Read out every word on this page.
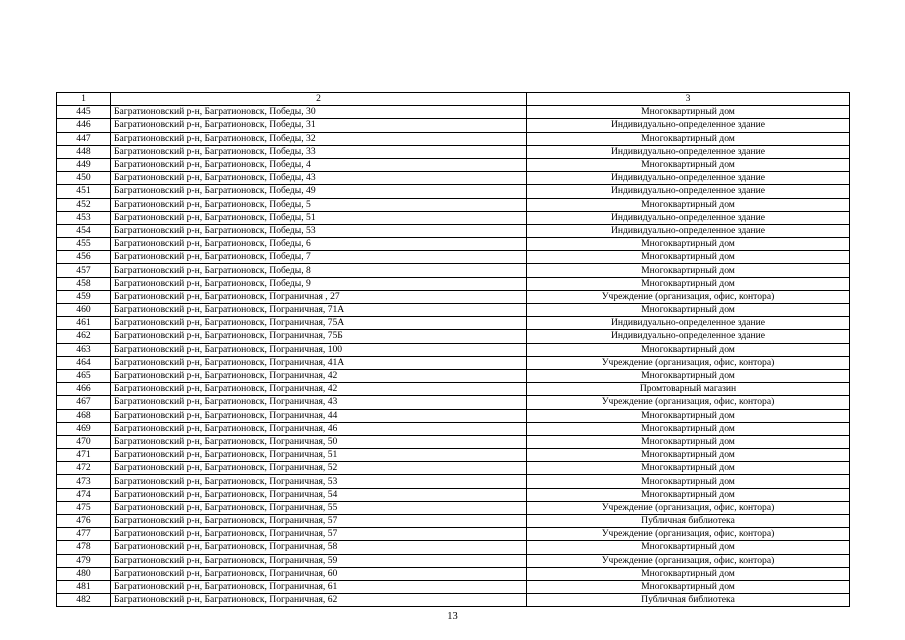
1	2	3
445	Багратионовский р-н, Багратионовск, Победы, 30	Многоквартирный дом
446	Багратионовский р-н, Багратионовск, Победы, 31	Индивидуально-определенное здание
447	Багратионовский р-н, Багратионовск, Победы, 32	Многоквартирный дом
448	Багратионовский р-н, Багратионовск, Победы, 33	Индивидуально-определенное здание
449	Багратионовский р-н, Багратионовск, Победы, 4	Многоквартирный дом
450	Багратионовский р-н, Багратионовск, Победы, 43	Индивидуально-определенное здание
451	Багратионовский р-н, Багратионовск, Победы, 49	Индивидуально-определенное здание
452	Багратионовский р-н, Багратионовск, Победы, 5	Многоквартирный дом
453	Багратионовский р-н, Багратионовск, Победы, 51	Индивидуально-определенное здание
454	Багратионовский р-н, Багратионовск, Победы, 53	Индивидуально-определенное здание
455	Багратионовский р-н, Багратионовск, Победы, 6	Многоквартирный дом
456	Багратионовский р-н, Багратионовск, Победы, 7	Многоквартирный дом
457	Багратионовский р-н, Багратионовск, Победы, 8	Многоквартирный дом
458	Багратионовский р-н, Багратионовск, Победы, 9	Многоквартирный дом
459	Багратионовский р-н, Багратионовск, Пограничная , 27	Учреждение (организация, офис, контора)
460	Багратионовский р-н, Багратионовск, Пограничная, 71А	Многоквартирный дом
461	Багратионовский р-н, Багратионовск, Пограничная, 75А	Индивидуально-определенное здание
462	Багратионовский р-н, Багратионовск, Пограничная, 75Б	Индивидуально-определенное здание
463	Багратионовский р-н, Багратионовск, Пограничная, 100	Многоквартирный дом
464	Багратионовский р-н, Багратионовск, Пограничная, 41А	Учреждение (организация, офис, контора)
465	Багратионовский р-н, Багратионовск, Пограничная, 42	Многоквартирный дом
466	Багратионовский р-н, Багратионовск, Пограничная, 42	Промтоварный магазин
467	Багратионовский р-н, Багратионовск, Пограничная, 43	Учреждение (организация, офис, контора)
468	Багратионовский р-н, Багратионовск, Пограничная, 44	Многоквартирный дом
469	Багратионовский р-н, Багратионовск, Пограничная, 46	Многоквартирный дом
470	Багратионовский р-н, Багратионовск, Пограничная, 50	Многоквартирный дом
471	Багратионовский р-н, Багратионовск, Пограничная, 51	Многоквартирный дом
472	Багратионовский р-н, Багратионовск, Пограничная, 52	Многоквартирный дом
473	Багратионовский р-н, Багратионовск, Пограничная, 53	Многоквартирный дом
474	Багратионовский р-н, Багратионовск, Пограничная, 54	Многоквартирный дом
475	Багратионовский р-н, Багратионовск, Пограничная, 55	Учреждение (организация, офис, контора)
476	Багратионовский р-н, Багратионовск, Пограничная, 57	Публичная библиотека
477	Багратионовский р-н, Багратионовск, Пограничная, 57	Учреждение (организация, офис, контора)
478	Багратионовский р-н, Багратионовск, Пограничная, 58	Многоквартирный дом
479	Багратионовский р-н, Багратионовск, Пограничная, 59	Учреждение (организация, офис, контора)
480	Багратионовский р-н, Багратионовск, Пограничная, 60	Многоквартирный дом
481	Багратионовский р-н, Багратионовск, Пограничная, 61	Многоквартирный дом
482	Багратионовский р-н, Багратионовск, Пограничная, 62	Публичная библиотека
13
